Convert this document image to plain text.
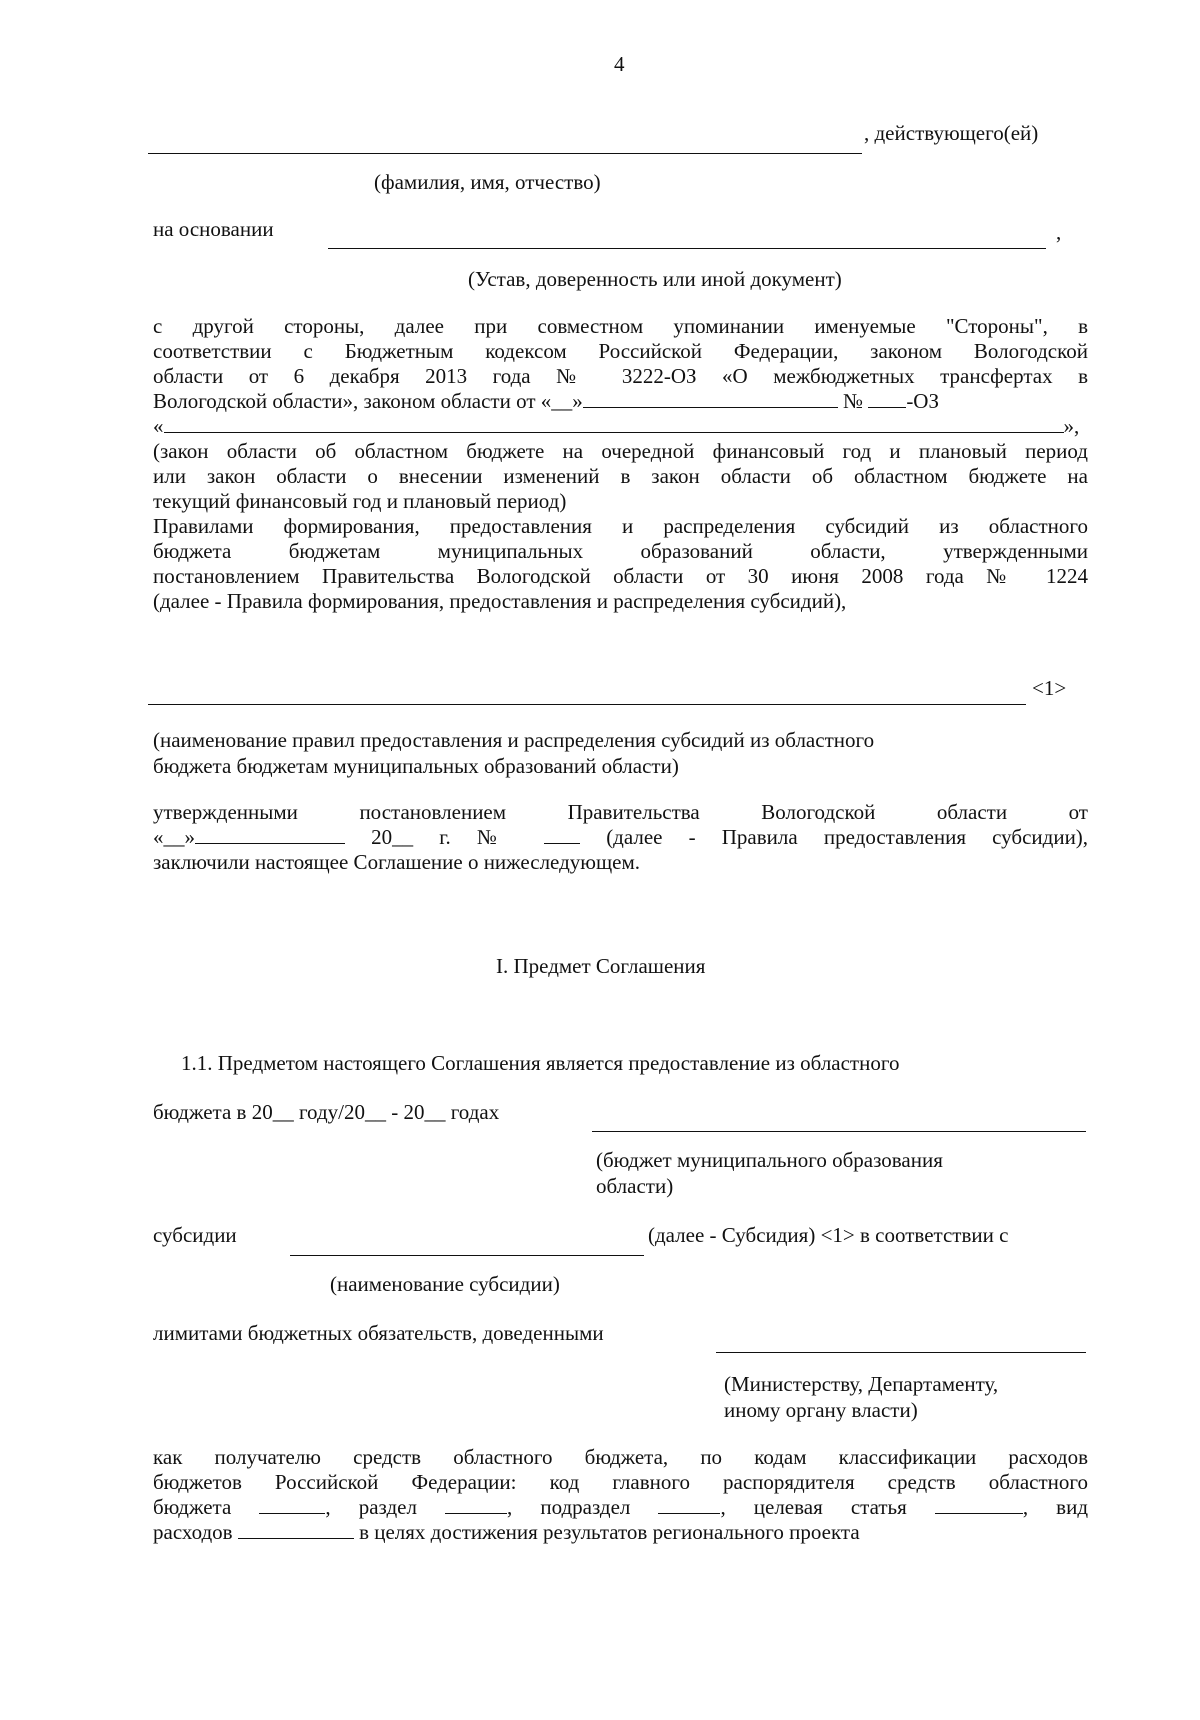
4
, действующего(ей)
(фамилия, имя, отчество)
на основании	,
(Устав, доверенность или иной документ)
с другой стороны, далее при совместном упоминании именуемые "Стороны", в
соответствии с Бюджетным кодексом Российской Федерации, законом Вологодской
области от 6 декабря 2013 года № 3222-ОЗ «О межбюджетных трансфертах в
Вологодской области», законом области от «__»	№ -ОЗ
«	»,
(закон области об областном бюджете на очередной финансовый год и плановый период
или закон области о внесении изменений в закон области об областном бюджете на
текущий финансовый год и плановый период)
Правилами формирования, предоставления и распределения субсидий из областного
бюджета бюджетам муниципальных образований области, утвержденными
постановлением Правительства Вологодской области от 30 июня 2008 года № 1224
(далее - Правила формирования, предоставления и распределения субсидий),
<1>
(наименование правил предоставления и распределения субсидий из областного
бюджета бюджетам муниципальных образований области)
утвержденными постановлением Правительства Вологодской области от
«__»	20__ г. №	(далее - Правила предоставления субсидии),
заключили настоящее Соглашение о нижеследующем.
I. Предмет Соглашения
1.1. Предметом настоящего Соглашения является предоставление из областного
бюджета в 20__ году/20__ - 20__ годах
(бюджет муниципального образования
области)
субсидии	(далее - Субсидия) <1> в соответствии с
(наименование субсидии)
лимитами бюджетных обязательств, доведенными
(Министерству, Департаменту,
иному органу власти)
как получателю средств областного бюджета, по кодам классификации расходов
бюджетов Российской Федерации: код главного распорядителя средств областного
бюджета	, раздел	, подраздел	, целевая статья	, вид
расходов	в целях достижения результатов регионального проекта
